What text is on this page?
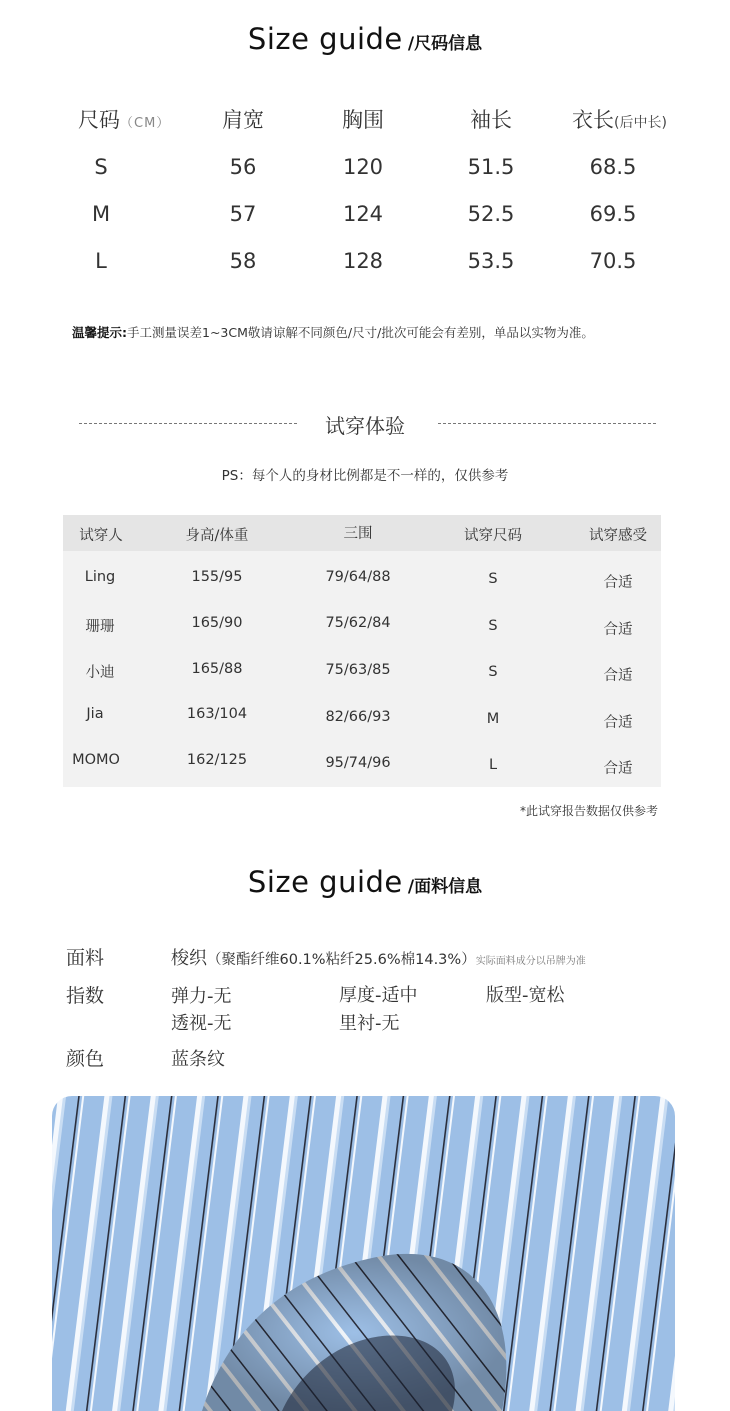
Size guide /尺码信息
尺码（CM）	肩宽	胸围	袖长	衣长(后中长)
S	56	120	51.5	68.5
M	57	124	52.5	69.5
L	58	128	53.5	70.5
温馨提示:手工测量误差1~3CM敬请谅解不同颜色/尺寸/批次可能会有差别，单品以实物为准。
试穿体验
PS：每个人的身材比例都是不一样的，仅供参考
试穿人	身高/体重	三围	试穿尺码	试穿感受
Ling	155/95	79/64/88	S	合适
珊珊	165/90	75/62/84	S	合适
小迪	165/88	75/63/85	S	合适
Jia	163/104	82/66/93	M	合适
MOMO	162/125	95/74/96	L	合适
*此试穿报告数据仅供参考
Size guide /面料信息
面料	梭织（聚酯纤维60.1%粘纤25.6%棉14.3%）实际面料成分以吊牌为准
指数	弹力-无	厚度-适中	版型-宽松
透视-无	里衬-无
颜色	蓝条纹
